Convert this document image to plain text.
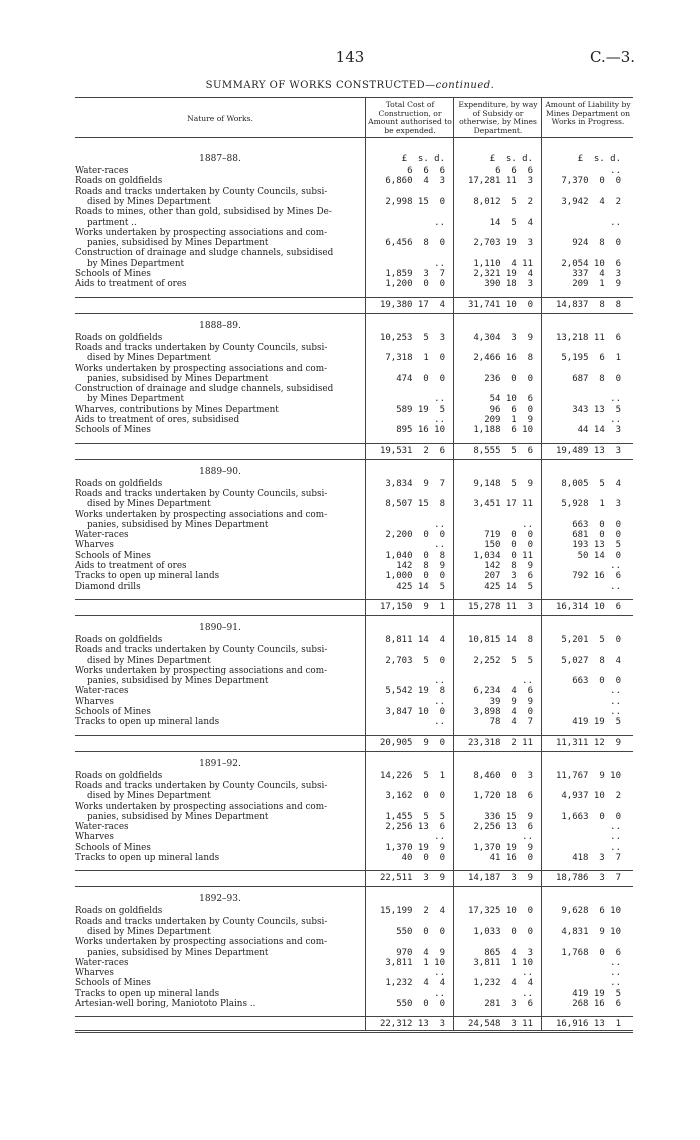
143	C.—3.
SUMMARY OF WORKS CONSTRUCTED—continued.
Nature of Works.
Total Cost of Construction, or Amount authorised to be expended.
Expenditure, by way of Subsidy or otherwise, by Mines Department.
Amount of Liability by Mines Department on Works in Progress.
£  s. d.	£  s. d.	£  s. d.
1887–88.
Water-races	6  6  6	6  6  6	..
Roads on goldfields	6,860  4  3	17,281 11  3	7,370  0  0
Roads and tracks undertaken by County Councils, subsi-
dised by Mines Department	2,998 15  0	8,012  5  2	3,942  4  2
Roads to mines, other than gold, subsidised by Mines De-
partment ..	..	14  5  4	..
Works undertaken by prospecting associations and com-
panies, subsidised by Mines Department	6,456  8  0	2,703 19  3	924  8  0
Construction of drainage and sludge channels, subsidised
by Mines Department	..	1,110  4 11	2,054 10  6
Schools of Mines	1,859  3  7	2,321 19  4	337  4  3
Aids to treatment of ores	1,200  0  0	390 18  3	209  1  9
19,380 17  4	31,741 10  0	14,837  8  8
1888–89.
Roads on goldfields	10,253  5  3	4,304  3  9	13,218 11  6
Roads and tracks undertaken by County Councils, subsi-
dised by Mines Department	7,318  1  0	2,466 16  8	5,195  6  1
Works undertaken by prospecting associations and com-
panies, subsidised by Mines Department	474  0  0	236  0  0	687  8  0
Construction of drainage and sludge channels, subsidised
by Mines Department	..	54 10  6	..
Wharves, contributions by Mines Department	589 19  5	96  6  0	343 13  5
Aids to treatment of ores, subsidised	..	209  1  9	..
Schools of Mines	895 16 10	1,188  6 10	44 14  3
19,531  2  6	8,555  5  6	19,489 13  3
1889–90.
Roads on goldfields	3,834  9  7	9,148  5  9	8,005  5  4
Roads and tracks undertaken by County Councils, subsi-
dised by Mines Department	8,507 15  8	3,451 17 11	5,928  1  3
Works undertaken by prospecting associations and com-
panies, subsidised by Mines Department	..	..	663  0  0
Water-races	2,200  0  0	719  0  0	681  0  0
Wharves	..	150  0  0	193 13  5
Schools of Mines	1,040  0  8	1,034  0 11	50 14  0
Aids to treatment of ores	142  8  9	142  8  9	..
Tracks to open up mineral lands	1,000  0  0	207  3  6	792 16  6
Diamond drills	425 14  5	425 14  5	..
17,150  9  1	15,278 11  3	16,314 10  6
1890–91.
Roads on goldfields	8,811 14  4	10,815 14  8	5,201  5  0
Roads and tracks undertaken by County Councils, subsi-
dised by Mines Department	2,703  5  0	2,252  5  5	5,027  8  4
Works undertaken by prospecting associations and com-
panies, subsidised by Mines Department	..	..	663  0  0
Water-races	5,542 19  8	6,234  4  6	..
Wharves	..	39  9  9	..
Schools of Mines	3,847 10  0	3,898  4  0	..
Tracks to open up mineral lands	..	78  4  7	419 19  5
20,905  9  0	23,318  2 11	11,311 12  9
1891–92.
Roads on goldfields	14,226  5  1	8,460  0  3	11,767  9 10
Roads and tracks undertaken by County Councils, subsi-
dised by Mines Department	3,162  0  0	1,720 18  6	4,937 10  2
Works undertaken by prospecting associations and com-
panies, subsidised by Mines Department	1,455  5  5	336 15  9	1,663  0  0
Water-races	2,256 13  6	2,256 13  6	..
Wharves	..	..	..
Schools of Mines	1,370 19  9	1,370 19  9	..
Tracks to open up mineral lands	40  0  0	41 16  0	418  3  7
22,511  3  9	14,187  3  9	18,786  3  7
1892–93.
Roads on goldfields	15,199  2  4	17,325 10  0	9,628  6 10
Roads and tracks undertaken by County Councils, subsi-
dised by Mines Department	550  0  0	1,033  0  0	4,831  9 10
Works undertaken by prospecting associations and com-
panies, subsidised by Mines Department	970  4  9	865  4  3	1,768  0  6
Water-races	3,811  1 10	3,811  1 10	..
Wharves	..	..	..
Schools of Mines	1,232  4  4	1,232  4  4	..
Tracks to open up mineral lands	..	..	419 19  5
Artesian-well boring, Maniototo Plains ..	550  0  0	281  3  6	268 16  6
22,312 13  3	24,548  3 11	16,916 13  1
